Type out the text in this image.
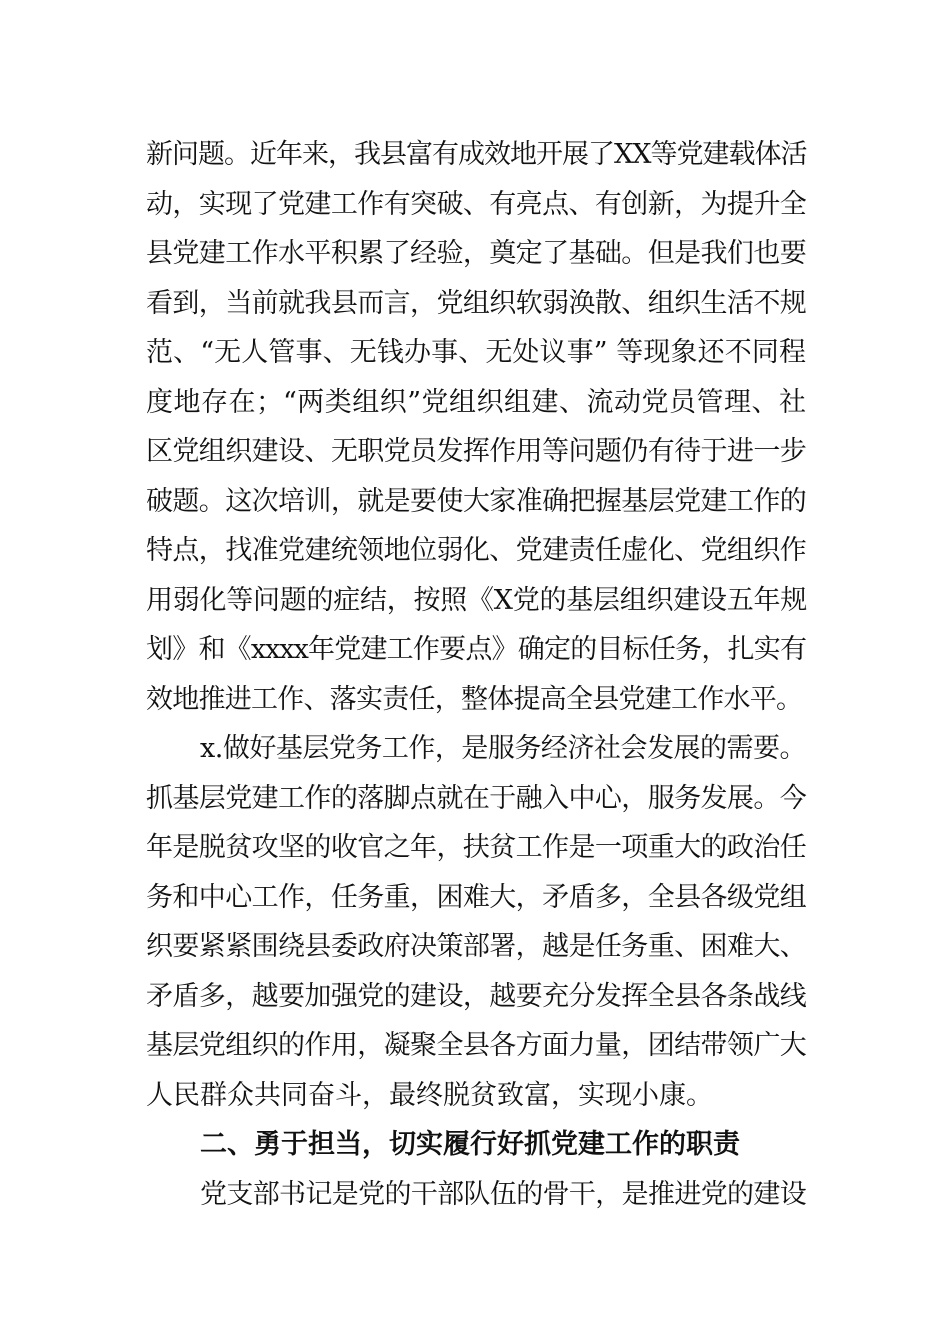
新问题。近年来，我县富有成效地开展了XX等党建载体活
动，实现了党建工作有突破、有亮点、有创新，为提升全
县党建工作水平积累了经验，奠定了基础。但是我们也要
看到，当前就我县而言，党组织软弱涣散、组织生活不规
范、“无人管事、无钱办事、无处议事” 等现象还不同程
度地存在；“两类组织”党组织组建、流动党员管理、社
区党组织建设、无职党员发挥作用等问题仍有待于进一步
破题。这次培训，就是要使大家准确把握基层党建工作的
特点，找准党建统领地位弱化、党建责任虚化、党组织作
用弱化等问题的症结，按照《X党的基层组织建设五年规
划》和《xxxx年党建工作要点》确定的目标任务，扎实有
效地推进工作、落实责任，整体提高全县党建工作水平。
x.做好基层党务工作，是服务经济社会发展的需要。
抓基层党建工作的落脚点就在于融入中心，服务发展。今
年是脱贫攻坚的收官之年，扶贫工作是一项重大的政治任
务和中心工作，任务重，困难大，矛盾多，全县各级党组
织要紧紧围绕县委政府决策部署，越是任务重、困难大、
矛盾多，越要加强党的建设，越要充分发挥全县各条战线
基层党组织的作用，凝聚全县各方面力量，团结带领广大
人民群众共同奋斗，最终脱贫致富，实现小康。
二、勇于担当，切实履行好抓党建工作的职责
党支部书记是党的干部队伍的骨干，是推进党的建设
